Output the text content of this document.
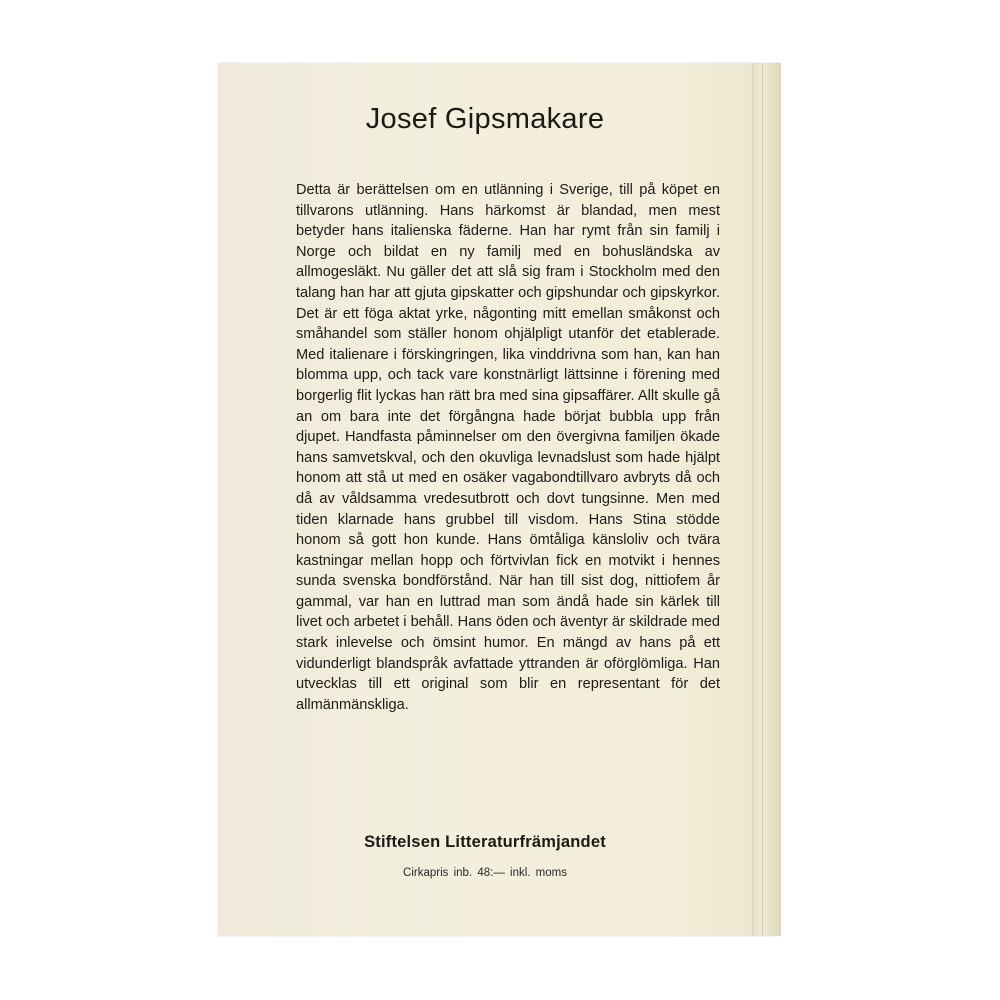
Josef Gipsmakare

Detta är berättelsen om en utlänning i Sverige, till på köpet en tillvarons utlänning. Hans härkomst är blandad, men mest betyder hans italienska fäderne. Han har rymt från sin familj i Norge och bildat en ny familj med en bohusländska av allmogesläkt. Nu gäller det att slå sig fram i Stockholm med den talang han har att gjuta gipskatter och gipshundar och gipskyrkor. Det är ett föga aktat yrke, någonting mitt emellan småkonst och småhandel som ställer honom ohjälpligt utanför det etablerade. Med italienare i förskingringen, lika vinddrivna som han, kan han blomma upp, och tack vare konstnärligt lättsinne i förening med borgerlig flit lyckas han rätt bra med sina gipsaffärer. Allt skulle gå an om bara inte det förgångna hade börjat bubbla upp från djupet. Handfasta påminnelser om den övergivna familjen ökade hans samvetskval, och den okuvliga levnadslust som hade hjälpt honom att stå ut med en osäker vagabondtillvaro avbryts då och då av våldsamma vredesutbrott och dovt tungsinne. Men med tiden klarnade hans grubbel till visdom. Hans Stina stödde honom så gott hon kunde. Hans ömtåliga känsloliv och tvära kastningar mellan hopp och förtvivlan fick en motvikt i hennes sunda svenska bondförstånd. När han till sist dog, nittiofem år gammal, var han en luttrad man som ändå hade sin kärlek till livet och arbetet i behåll. Hans öden och äventyr är skildrade med stark inlevelse och ömsint humor. En mängd av hans på ett vidunderligt blandspråk avfattade yttranden är oförglömliga. Han utvecklas till ett original som blir en representant för det allmänmänskliga.

Stiftelsen Litteraturfrämjandet
Cirkapris inb. 48:— inkl. moms
